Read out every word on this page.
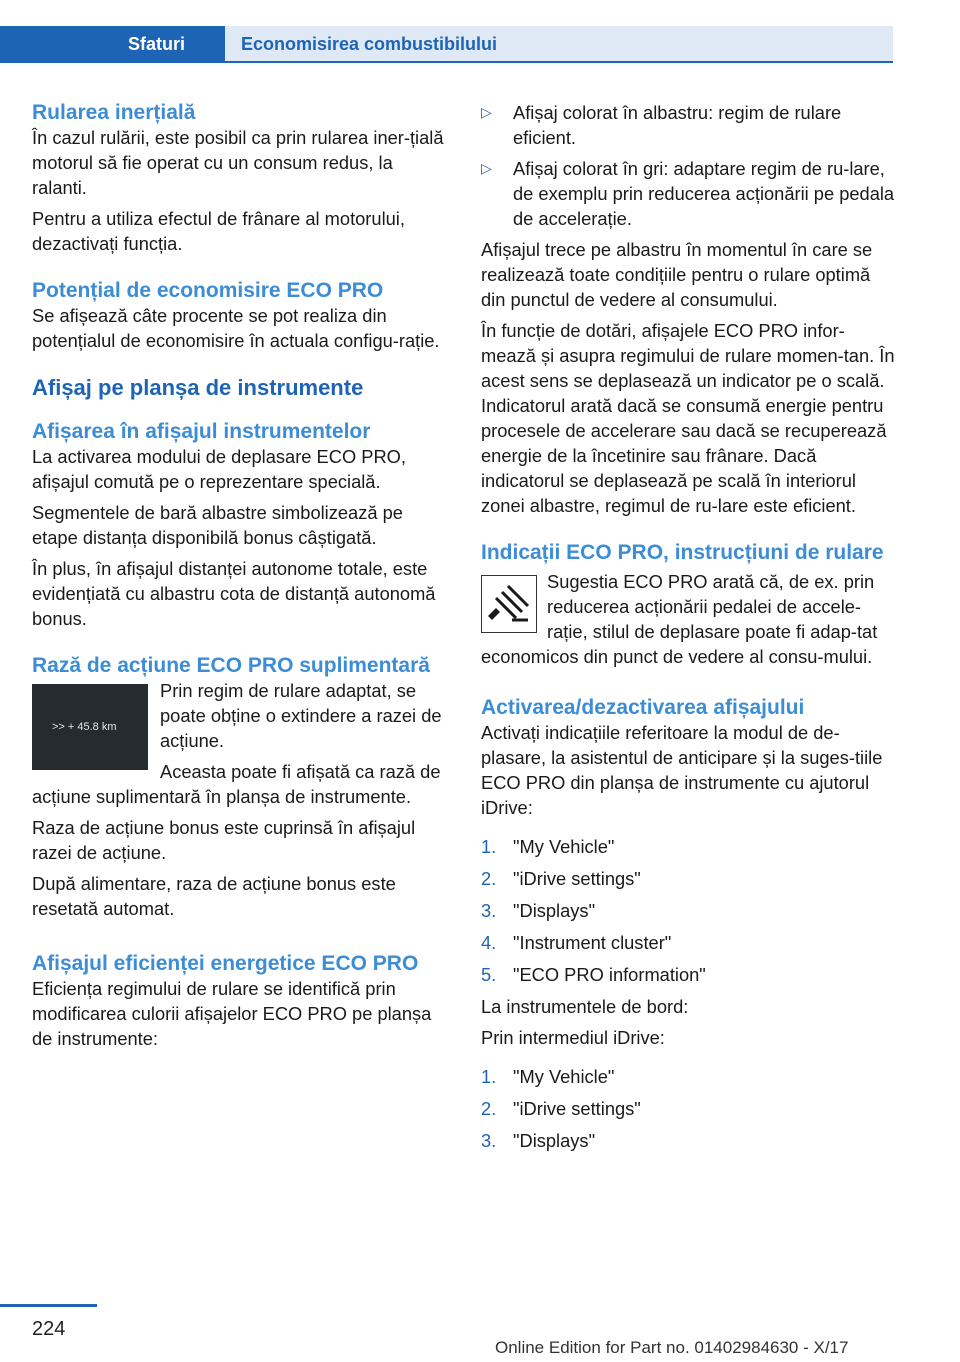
Sfaturi	Economisirea combustibilului
Rularea inerțială

În cazul rulării, este posibil ca prin rularea iner-țială motorul să fie operat cu un consum redus, la ralanti.

Pentru a utiliza efectul de frânare al motorului, dezactivați funcția.

Potențial de economisire ECO PRO

Se afișează câte procente se pot realiza din potențialul de economisire în actuala configu-rație.

Afișaj pe planșa de instrumente
Afișarea în afișajul instrumentelor

La activarea modului de deplasare ECO PRO, afișajul comută pe o reprezentare specială.

Segmentele de bară albastre simbolizează pe etape distanța disponibilă bonus câștigată.

În plus, în afișajul distanței autonome totale, este evidențiată cu albastru cota de distanță autonomă bonus.

Rază de acțiune ECO PRO suplimentară
>> + 45.8 km

Prin regim de rulare adaptat, se poate obține o extindere a razei de acțiune.

Aceasta poate fi afișată ca rază de acțiune suplimentară în planșa de instrumente.

Raza de acțiune bonus este cuprinsă în afișajul razei de acțiune.

După alimentare, raza de acțiune bonus este resetată automat.

Afișajul eficienței energetice ECO PRO

Eficiența regimului de rulare se identifică prin modificarea culorii afișajelor ECO PRO pe planșa de instrumente:

▷ Afișaj colorat în albastru: regim de rulare eficient.
▷ Afișaj colorat în gri: adaptare regim de ru-lare, de exemplu prin reducerea acționării pe pedala de accelerație.

Afișajul trece pe albastru în momentul în care se realizează toate condițiile pentru o rulare optimă din punctul de vedere al consumului.

În funcție de dotări, afișajele ECO PRO infor-mează și asupra regimului de rulare momen-tan. În acest sens se deplasează un indicator pe o scală. Indicatorul arată dacă se consumă energie pentru procesele de accelerare sau dacă se recuperează energie de la încetinire sau frânare. Dacă indicatorul se deplasează pe scală în interiorul zonei albastre, regimul de ru-lare este eficient.

Indicații ECO PRO, instrucțiuni de rulare

Sugestia ECO PRO arată că, de ex. prin reducerea acționării pedalei de accele-rație, stilul de deplasare poate fi adap-tat economicos din punct de vedere al consu-mului.

Activarea/dezactivarea afișajului

Activați indicațiile referitoare la modul de de-plasare, la asistentul de anticipare și la suges-tiile ECO PRO din planșa de instrumente cu ajutorul iDrive:

1. "My Vehicle"
2. "iDrive settings"
3. "Displays"
4. "Instrument cluster"
5. "ECO PRO information"

La instrumentele de bord:

Prin intermediul iDrive:

1. "My Vehicle"
2. "iDrive settings"
3. "Displays"
224
Online Edition for Part no. 01402984630 - X/17
